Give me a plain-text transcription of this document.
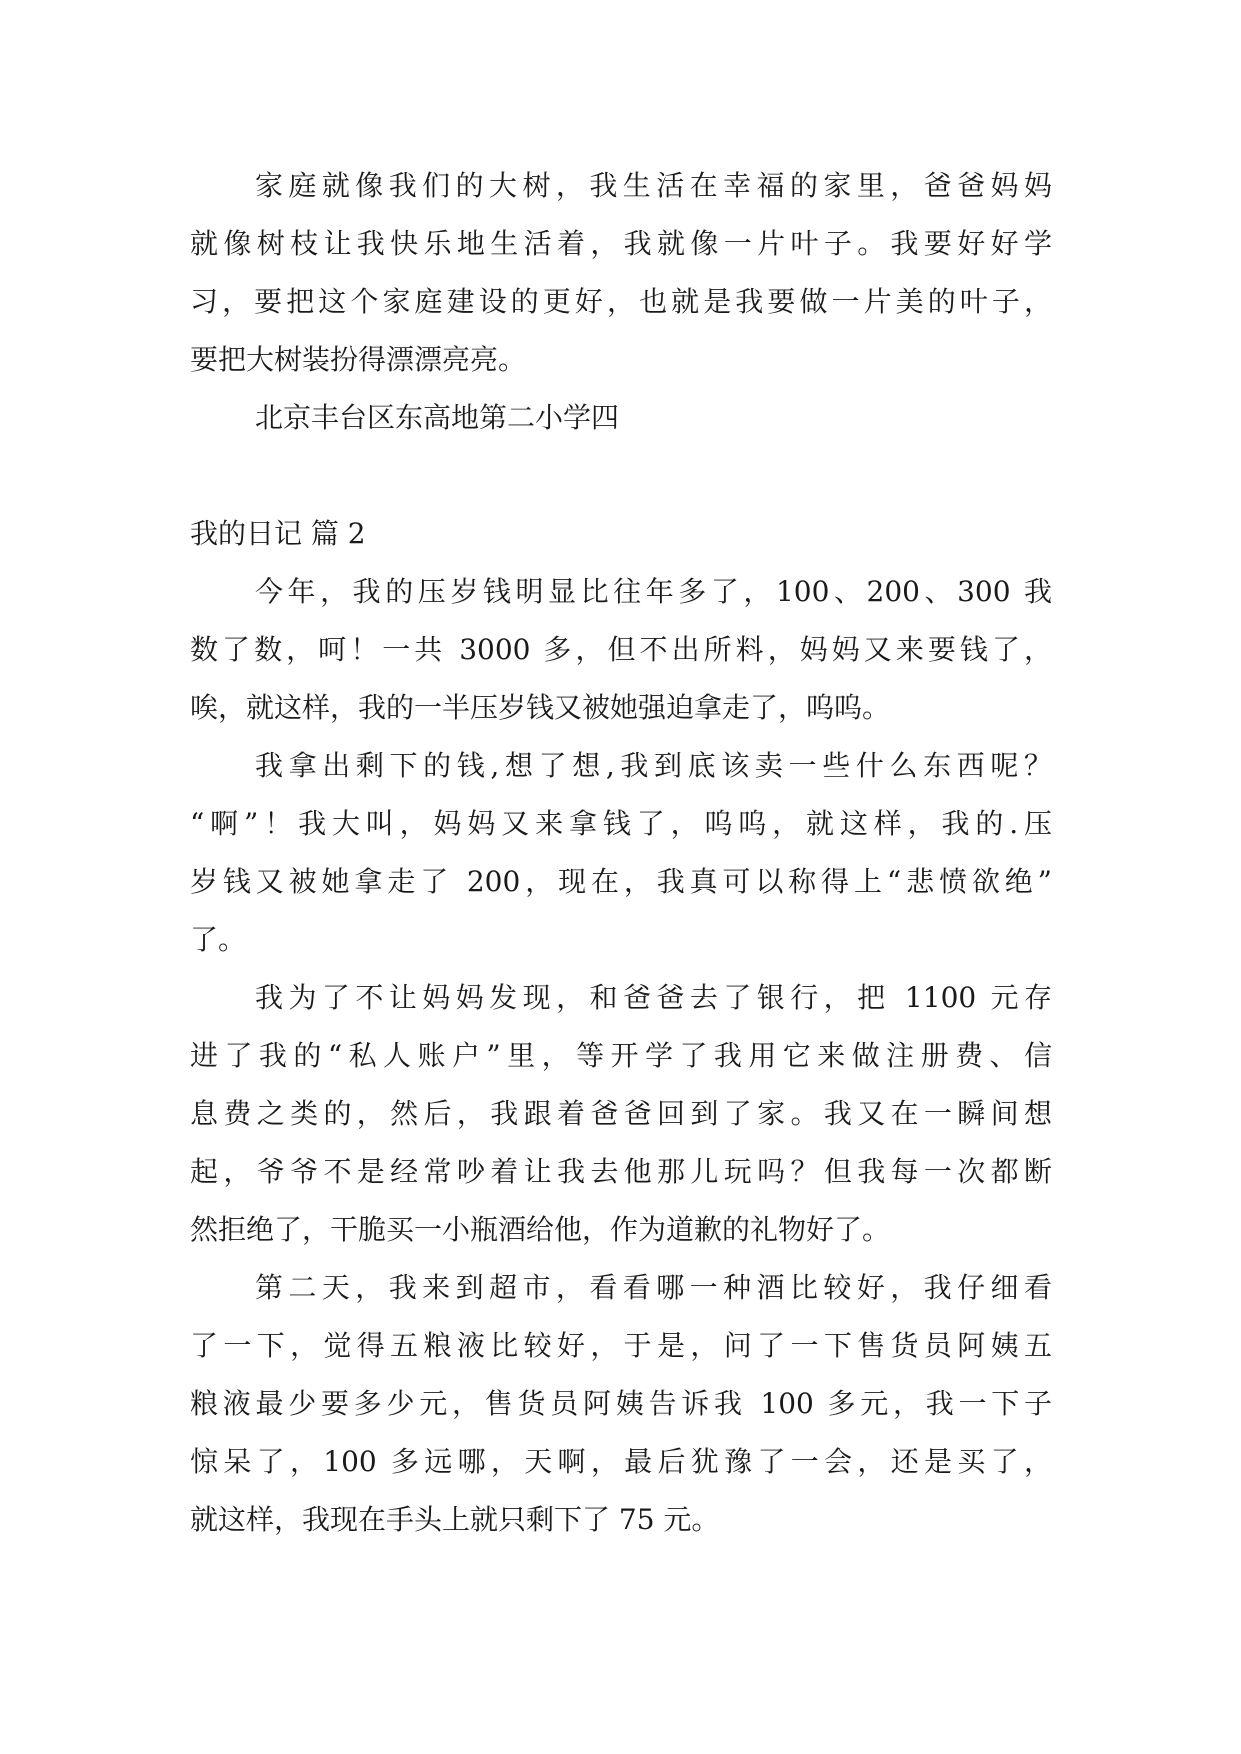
家庭就像我们的大树，我生活在幸福的家里，爸爸妈妈
就像树枝让我快乐地生活着，我就像一片叶子。我要好好学
习，要把这个家庭建设的更好，也就是我要做一片美的叶子，
要把大树装扮得漂漂亮亮。
北京丰台区东高地第二小学四
我的日记 篇 2
今年，我的压岁钱明显比往年多了，100、200、300 我
数了数，呵！一共 3000 多，但不出所料，妈妈又来要钱了，
唉，就这样，我的一半压岁钱又被她强迫拿走了，呜呜。
我拿出剩下的钱,想了想,我到底该卖一些什么东西呢？
“啊”！我大叫，妈妈又来拿钱了，呜呜，就这样，我的.压
岁钱又被她拿走了 200，现在，我真可以称得上“悲愤欲绝”
了。
我为了不让妈妈发现，和爸爸去了银行，把 1100 元存
进了我的“私人账户”里，等开学了我用它来做注册费、信
息费之类的，然后，我跟着爸爸回到了家。我又在一瞬间想
起，爷爷不是经常吵着让我去他那儿玩吗？但我每一次都断
然拒绝了，干脆买一小瓶酒给他，作为道歉的礼物好了。
第二天，我来到超市，看看哪一种酒比较好，我仔细看
了一下，觉得五粮液比较好，于是，问了一下售货员阿姨五
粮液最少要多少元，售货员阿姨告诉我 100 多元，我一下子
惊呆了，100 多远哪，天啊，最后犹豫了一会，还是买了，
就这样，我现在手头上就只剩下了 75 元。
